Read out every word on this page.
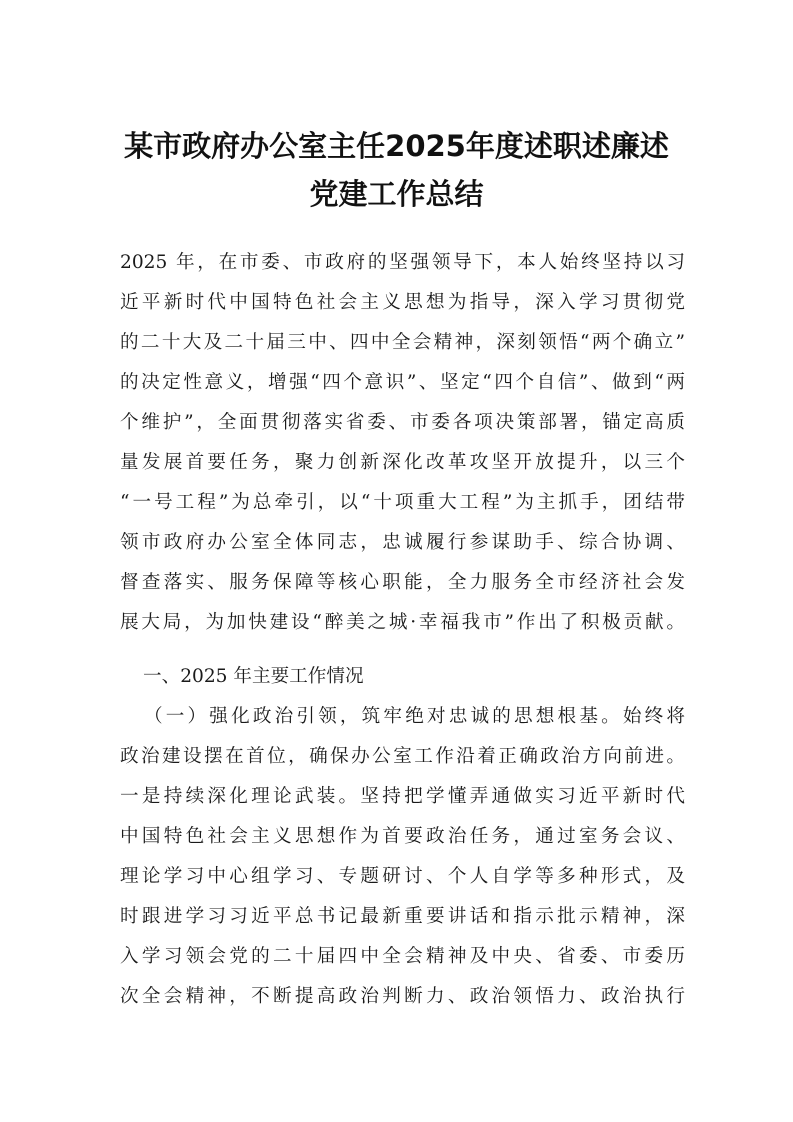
某市政府办公室主任2025年度述职述廉述
党建工作总结
2025 年，在市委、市政府的坚强领导下，本人始终坚持以习
近平新时代中国特色社会主义思想为指导，深入学习贯彻党
的二十大及二十届三中、四中全会精神，深刻领悟“两个确立”
的决定性意义，增强“四个意识”、坚定“四个自信”、做到“两
个维护”，全面贯彻落实省委、市委各项决策部署，锚定高质
量发展首要任务，聚力创新深化改革攻坚开放提升，以三个
“一号工程”为总牵引，以“十项重大工程”为主抓手，团结带
领市政府办公室全体同志，忠诚履行参谋助手、综合协调、
督查落实、服务保障等核心职能，全力服务全市经济社会发
展大局，为加快建设“醉美之城·幸福我市”作出了积极贡献。
一、2025 年主要工作情况
（一）强化政治引领，筑牢绝对忠诚的思想根基。始终将
政治建设摆在首位，确保办公室工作沿着正确政治方向前进。
一是持续深化理论武装。坚持把学懂弄通做实习近平新时代
中国特色社会主义思想作为首要政治任务，通过室务会议、
理论学习中心组学习、专题研讨、个人自学等多种形式，及
时跟进学习习近平总书记最新重要讲话和指示批示精神，深
入学习领会党的二十届四中全会精神及中央、省委、市委历
次全会精神，不断提高政治判断力、政治领悟力、政治执行
